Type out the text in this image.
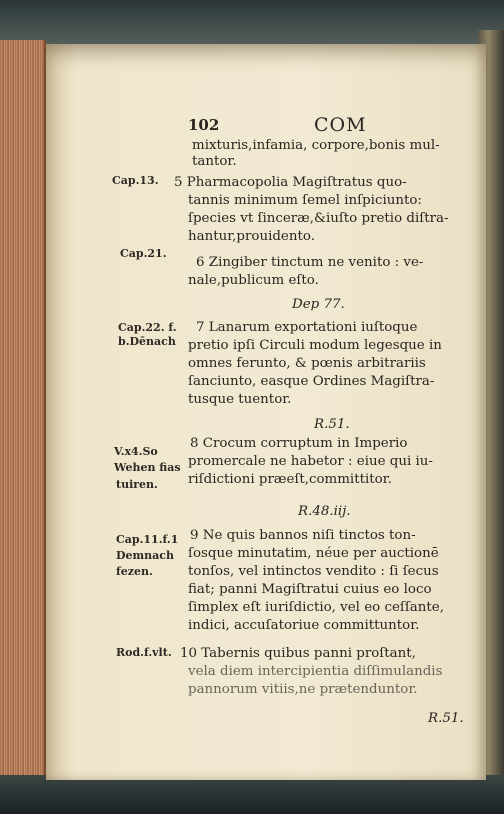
102	COM
Cap.13.
Cap.21.
Cap.22. f.
b.Dēnach
V.x4.So
Wehen fias
tuiren.
Cap.11.f.1
Demnach
fezen.
Rod.f.vlt.
mixturis,infamia, corpore,bonis mul-
tantor.
5 Pharmacopolia Magiſtratus quo-
tannis minimum ſemel inſpiciunto:
ſpecies vt ſinceræ,&iuſto pretio diſtra-
hantur,prouidento.
6 Zingiber tinctum ne venito : ve-
nale,publicum eſto.
Dep 77.
7 Lanarum exportationi iuſtoque
pretio ipſi Circuli modum legesque in
omnes ferunto, & pœnis arbitrariis
ſanciunto, easque Ordines Magiſtra-
tusque tuentor.
R.51.
8 Crocum corruptum in Imperio
promercale ne habetor : eiue qui iu-
riſdictioni præeſt,committitor.
R.48.iij.
9 Ne quis bannos niſi tinctos ton-
ſosque minutatim, néue per auctionē
tonſos, vel intinctos vendito : ſi ſecus
fiat; panni Magiſtratui cuius eo loco
ſimplex eſt iuriſdictio, vel eo ceſſante,
indici, accuſatoriue committuntor.
10 Tabernis quibus panni proſtant,
vela diem intercipientia diſſimulandis
pannorum vitiis,ne prætenduntor.
R.51.
